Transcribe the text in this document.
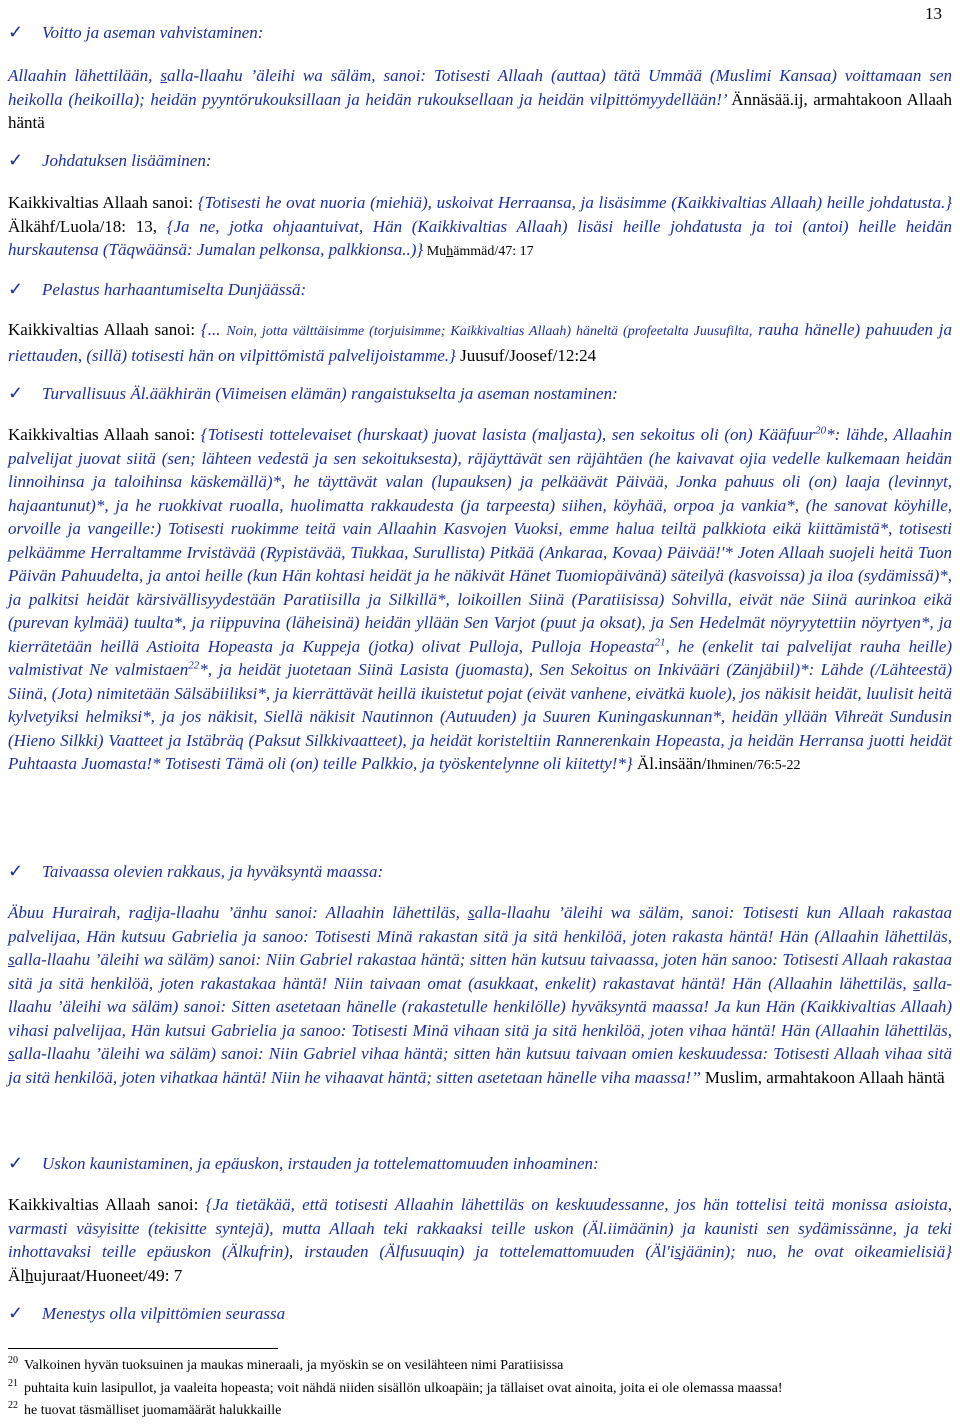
13
✓	Voitto ja aseman vahvistaminen:
Allaahin lähettilään, salla-llaahu ’äleihi wa säläm, sanoi: Totisesti Allaah (auttaa) tätä Ummää (Muslimi Kansaa) voittamaan sen heikolla (heikoilla); heidän pyyntörukouksillaan ja heidän rukouksellaan ja heidän vilpittömyydellään!’ Ännäsää.ij, armahtakoon Allaah häntä
✓	Johdatuksen lisääminen:
Kaikkivaltias Allaah sanoi: {Totisesti he ovat nuoria (miehiä), uskoivat Herraansa, ja lisäsimme (Kaikkivaltias Allaah) heille johdatusta.} Älkähf/Luola/18: 13, {Ja ne, jotka ohjaantuivat, Hän (Kaikkivaltias Allaah) lisäsi heille johdatusta ja toi (antoi) heille heidän hurskautensa (Täqwäänsä: Jumalan pelkonsa, palkkionsa..)} Muhämmäd/47: 17
✓	Pelastus harhaantumiselta Dunjäässä:
Kaikkivaltias Allaah sanoi: {... Noin, jotta välttäisimme (torjuisimme; Kaikkivaltias Allaah) häneltä (profeetalta Juusufilta, rauha hänelle) pahuuden ja riettauden, (sillä) totisesti hän on vilpittömistä palvelijoistamme.} Juusuf/Joosef/12:24
✓	Turvallisuus Äl.ääkhirän (Viimeisen elämän) rangaistukselta ja aseman nostaminen:
Kaikkivaltias Allaah sanoi: {Totisesti tottelevaiset (hurskaat) juovat lasista (maljasta), sen sekoitus oli (on) Kääfuur$^{20}$*: lähde, Allaahin palvelijat juovat siitä (sen; lähteen vedestä ja sen sekoituksesta), räjäyttävät sen räjähtäen (he kaivavat ojia vedelle kulkemaan heidän linnoihinsa ja taloihinsa käskemällä)*, he täyttävät valan (lupauksen) ja pelkäävät Päivää, Jonka pahuus oli (on) laaja (levinnyt, hajaantunut)*, ja he ruokkivat ruoalla, huolimatta rakkaudesta (ja tarpeesta) siihen, köyhää, orpoa ja vankia*, (he sanovat köyhille, orvoille ja vangeille:) Totisesti ruokimme teitä vain Allaahin Kasvojen Vuoksi, emme halua teiltä palkkiota eikä kiittämistä*, totisesti pelkäämme Herraltamme Irvistävää (Rypistävää, Tiukkaa, Surullista) Pitkää (Ankaraa, Kovaa) Päivää!'* Joten Allaah suojeli heitä Tuon Päivän Pahuudelta, ja antoi heille (kun Hän kohtasi heidät ja he näkivät Hänet Tuomiopäivänä) säteilyä (kasvoissa) ja iloa (sydämissä)*, ja palkitsi heidät kärsivällisyydestään Paratiisilla ja Silkillä*, loikoillen Siinä (Paratiisissa) Sohvilla, eivät näe Siinä aurinkoa eikä (purevan kylmää) tuulta*, ja riippuvina (läheisinä) heidän yllään Sen Varjot (puut ja oksat), ja Sen Hedelmät nöyryytettiin nöyrtyen*, ja kierrätetään heillä Astioita Hopeasta ja Kuppeja (jotka) olivat Pulloja, Pulloja Hopeasta$^{21}$, he (enkelit tai palvelijat rauha heille) valmistivat Ne valmistaen$^{22}$*, ja heidät juotetaan Siinä Lasista (juomasta), Sen Sekoitus on Inkivääri (Zänjäbiil)*: Lähde (/Lähteestä) Siinä, (Jota) nimitetään Sälsäbiiliksi*, ja kierrättävät heillä ikuistetut pojat (eivät vanhene, eivätkä kuole), jos näkisit heidät, luulisit heitä kylvetyiksi helmiksi*, ja jos näkisit, Siellä näkisit Nautinnon (Autuuden) ja Suuren Kuningaskunnan*, heidän yllään Vihreät Sundusin (Hieno Silkki) Vaatteet ja Istäbräq (Paksut Silkkivaatteet), ja heidät koristeltiin Rannerenkain Hopeasta, ja heidän Herransa juotti heidät Puhtaasta Juomasta!* Totisesti Tämä oli (on) teille Palkkio, ja työskentelynne oli kiitetty!*} Äl.insään/Ihminen/76:5-22
✓	Taivaassa olevien rakkaus, ja hyväksyntä maassa:
Äbuu Hurairah, radija-llaahu ’änhu sanoi: Allaahin lähettiläs, salla-llaahu ’äleihi wa säläm, sanoi: Totisesti kun Allaah rakastaa palvelijaa, Hän kutsuu Gabrielia ja sanoo: Totisesti Minä rakastan sitä ja sitä henkilöä, joten rakasta häntä! Hän (Allaahin lähettiläs, salla-llaahu ’äleihi wa säläm) sanoi: Niin Gabriel rakastaa häntä; sitten hän kutsuu taivaassa, joten hän sanoo: Totisesti Allaah rakastaa sitä ja sitä henkilöä, joten rakastakaa häntä! Niin taivaan omat (asukkaat, enkelit) rakastavat häntä! Hän (Allaahin lähettiläs, salla-llaahu ’äleihi wa säläm) sanoi: Sitten asetetaan hänelle (rakastetulle henkilölle) hyväksyntä maassa! Ja kun Hän (Kaikkivaltias Allaah) vihasi palvelijaa, Hän kutsui Gabrielia ja sanoo: Totisesti Minä vihaan sitä ja sitä henkilöä, joten vihaa häntä! Hän (Allaahin lähettiläs, salla-llaahu ’äleihi wa säläm) sanoi: Niin Gabriel vihaa häntä; sitten hän kutsuu taivaan omien keskuudessa: Totisesti Allaah vihaa sitä ja sitä henkilöä, joten vihatkaa häntä! Niin he vihaavat häntä; sitten asetetaan hänelle viha maassa!’’ Muslim, armahtakoon Allaah häntä
✓	Uskon kaunistaminen, ja epäuskon, irstauden ja tottelemattomuuden inhoaminen:
Kaikkivaltias Allaah sanoi: {Ja tietäkää, että totisesti Allaahin lähettiläs on keskuudessanne, jos hän tottelisi teitä monissa asioista, varmasti väsyisitte (tekisitte syntejä), mutta Allaah teki rakkaaksi teille uskon (Äl.iimäänin) ja kaunisti sen sydämissänne, ja teki inhottavaksi teille epäuskon (Älkufrin), irstauden (Älfusuuqin) ja tottelemattomuuden (Äl'isjäänin); nuo, he ovat oikeamielisiä} Älhujuraat/Huoneet/49: 7
✓	Menestys olla vilpittömien seurassa
$^{20}$ Valkoinen hyvän tuoksuinen ja maukas mineraali, ja myöskin se on vesilähteen nimi Paratiisissa
$^{21}$ puhtaita kuin lasipullot, ja vaaleita hopeasta; voit nähdä niiden sisällön ulkoapäin; ja tällaiset ovat ainoita, joita ei ole olemassa maassa!
$^{22}$ he tuovat täsmälliset juomamäärät halukkaille
